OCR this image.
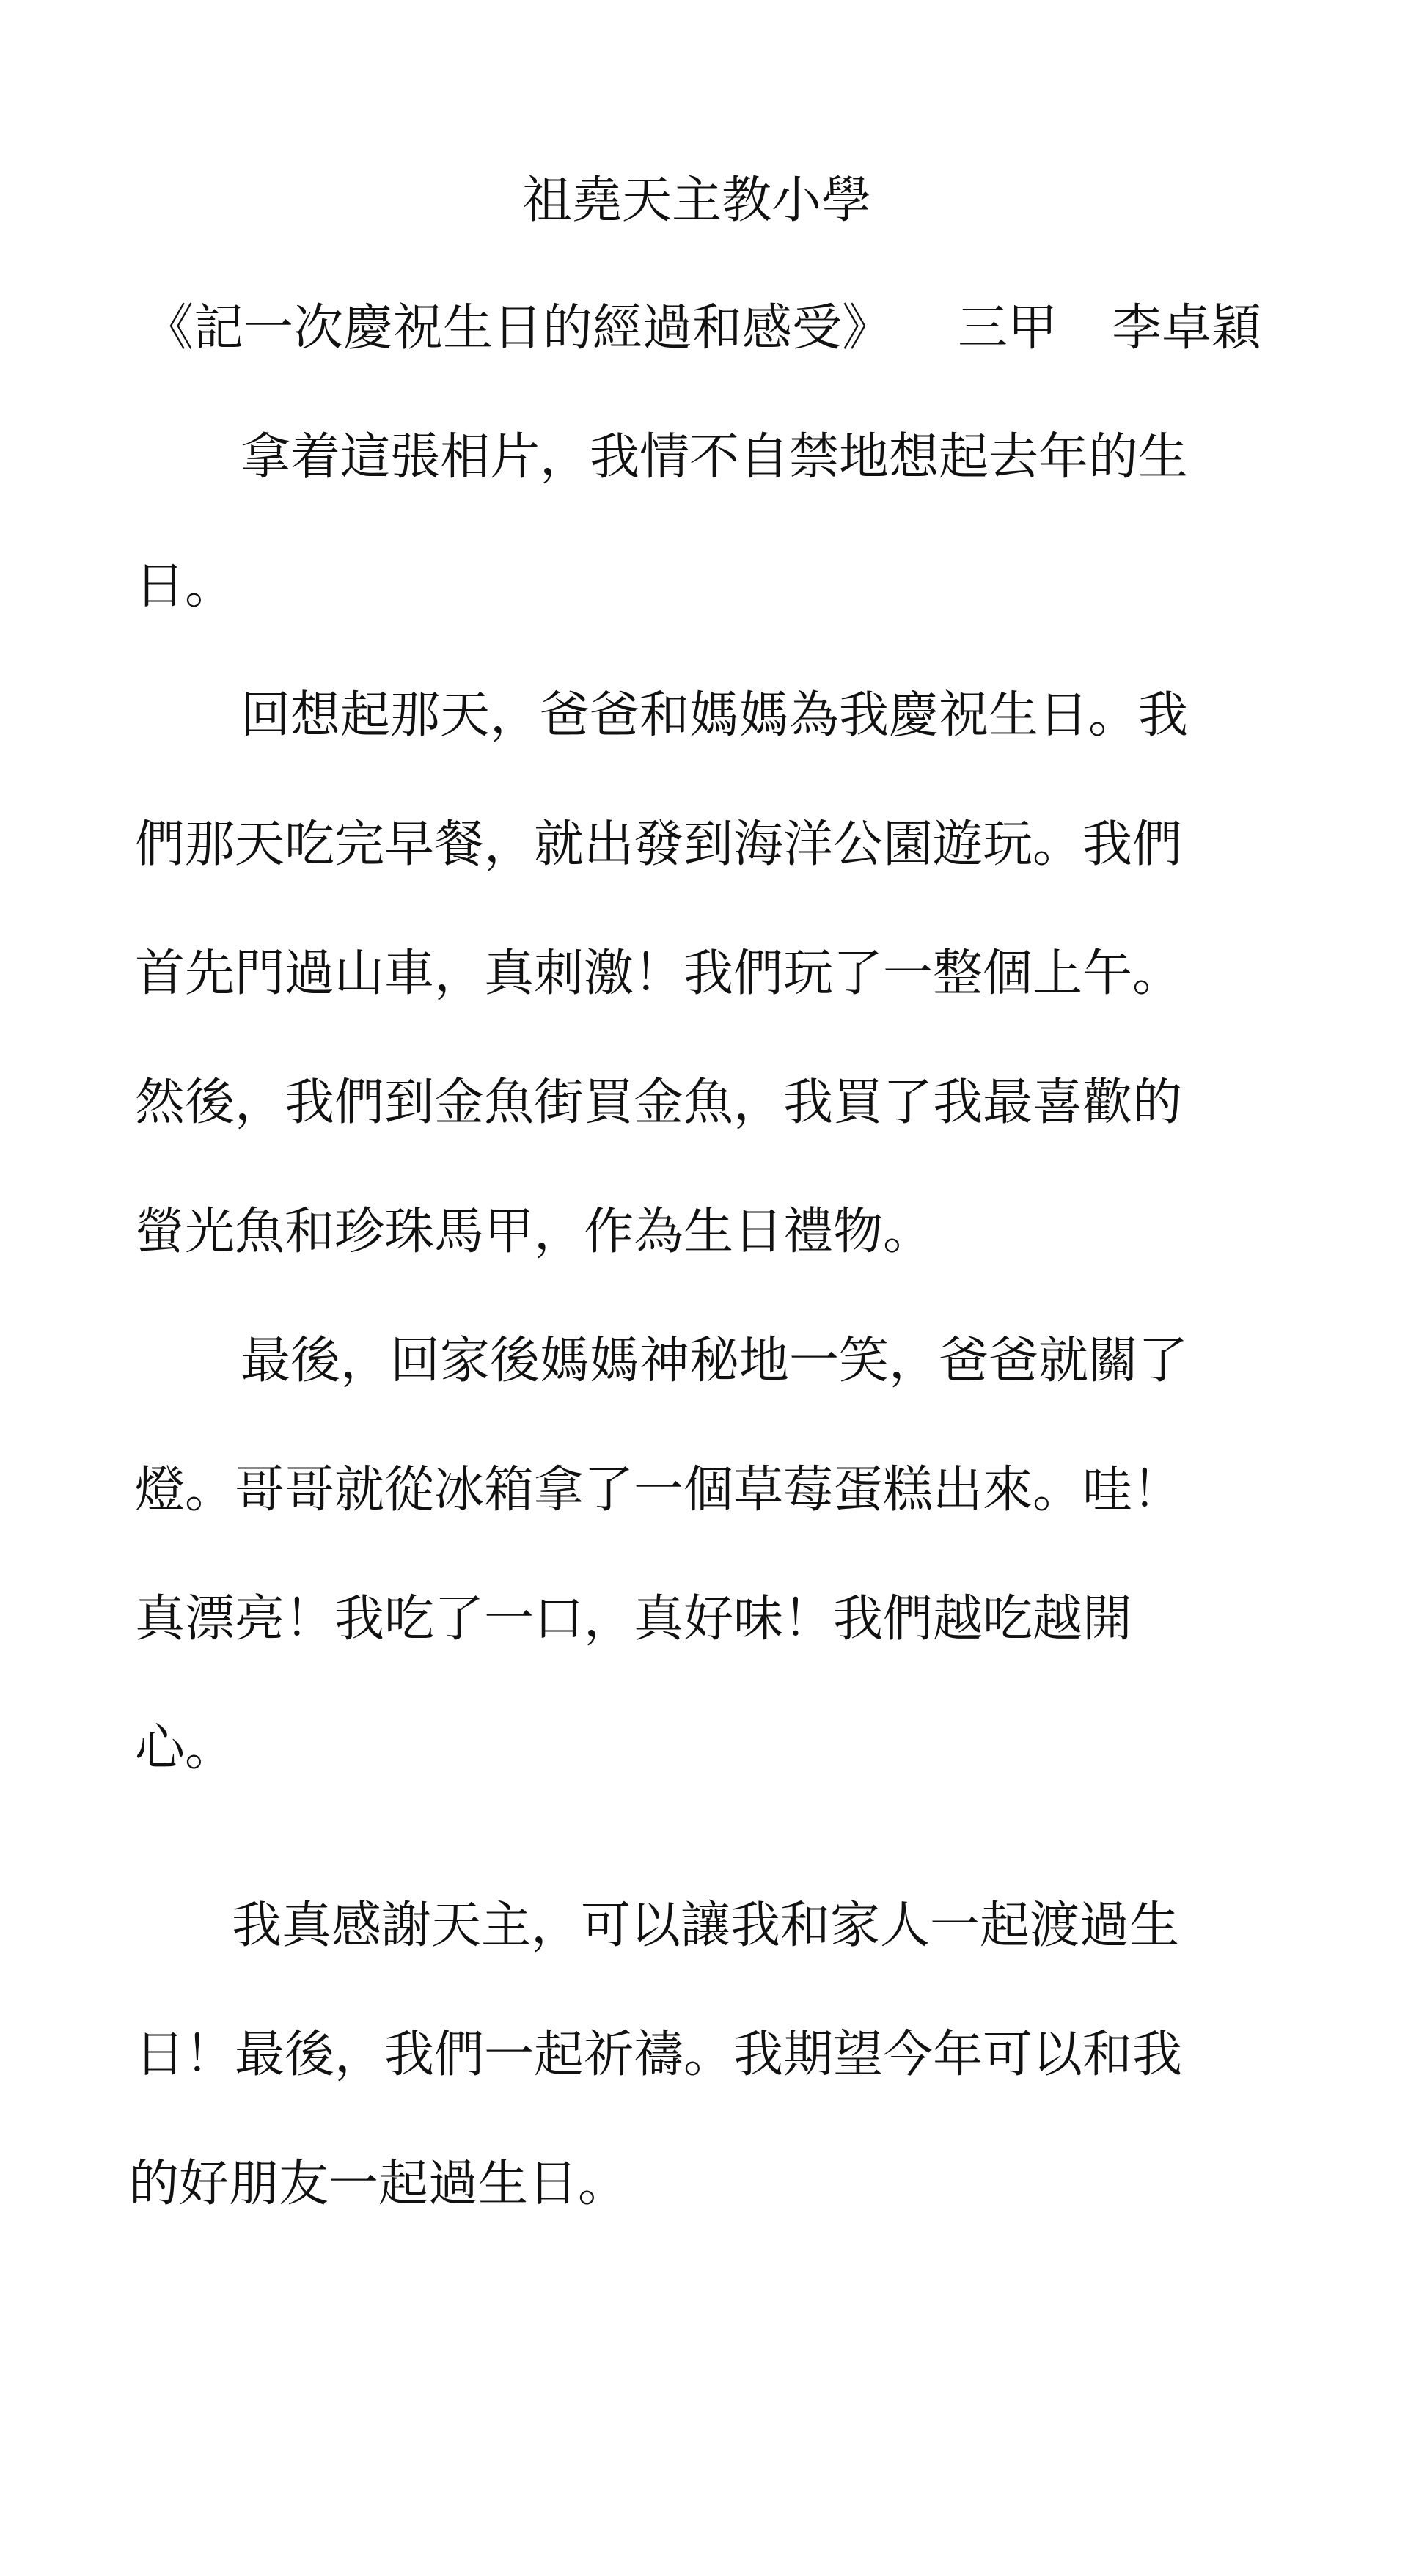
祖堯天主教小學
《記一次慶祝生日的經過和感受》 三甲 李卓穎
拿着這張相片，我情不自禁地想起去年的生
日。
回想起那天，爸爸和媽媽為我慶祝生日。我
們那天吃完早餐，就出發到海洋公園遊玩。我們
首先門過山車，真刺激！我們玩了一整個上午。
然後，我們到金魚街買金魚，我買了我最喜歡的
螢光魚和珍珠馬甲，作為生日禮物。
最後，回家後媽媽神秘地一笑，爸爸就關了
燈。哥哥就從冰箱拿了一個草莓蛋糕出來。哇！
真漂亮！我吃了一口，真好味！我們越吃越開
心。
我真感謝天主，可以讓我和家人一起渡過生
日！最後，我們一起祈禱。我期望今年可以和我
的好朋友一起過生日。
